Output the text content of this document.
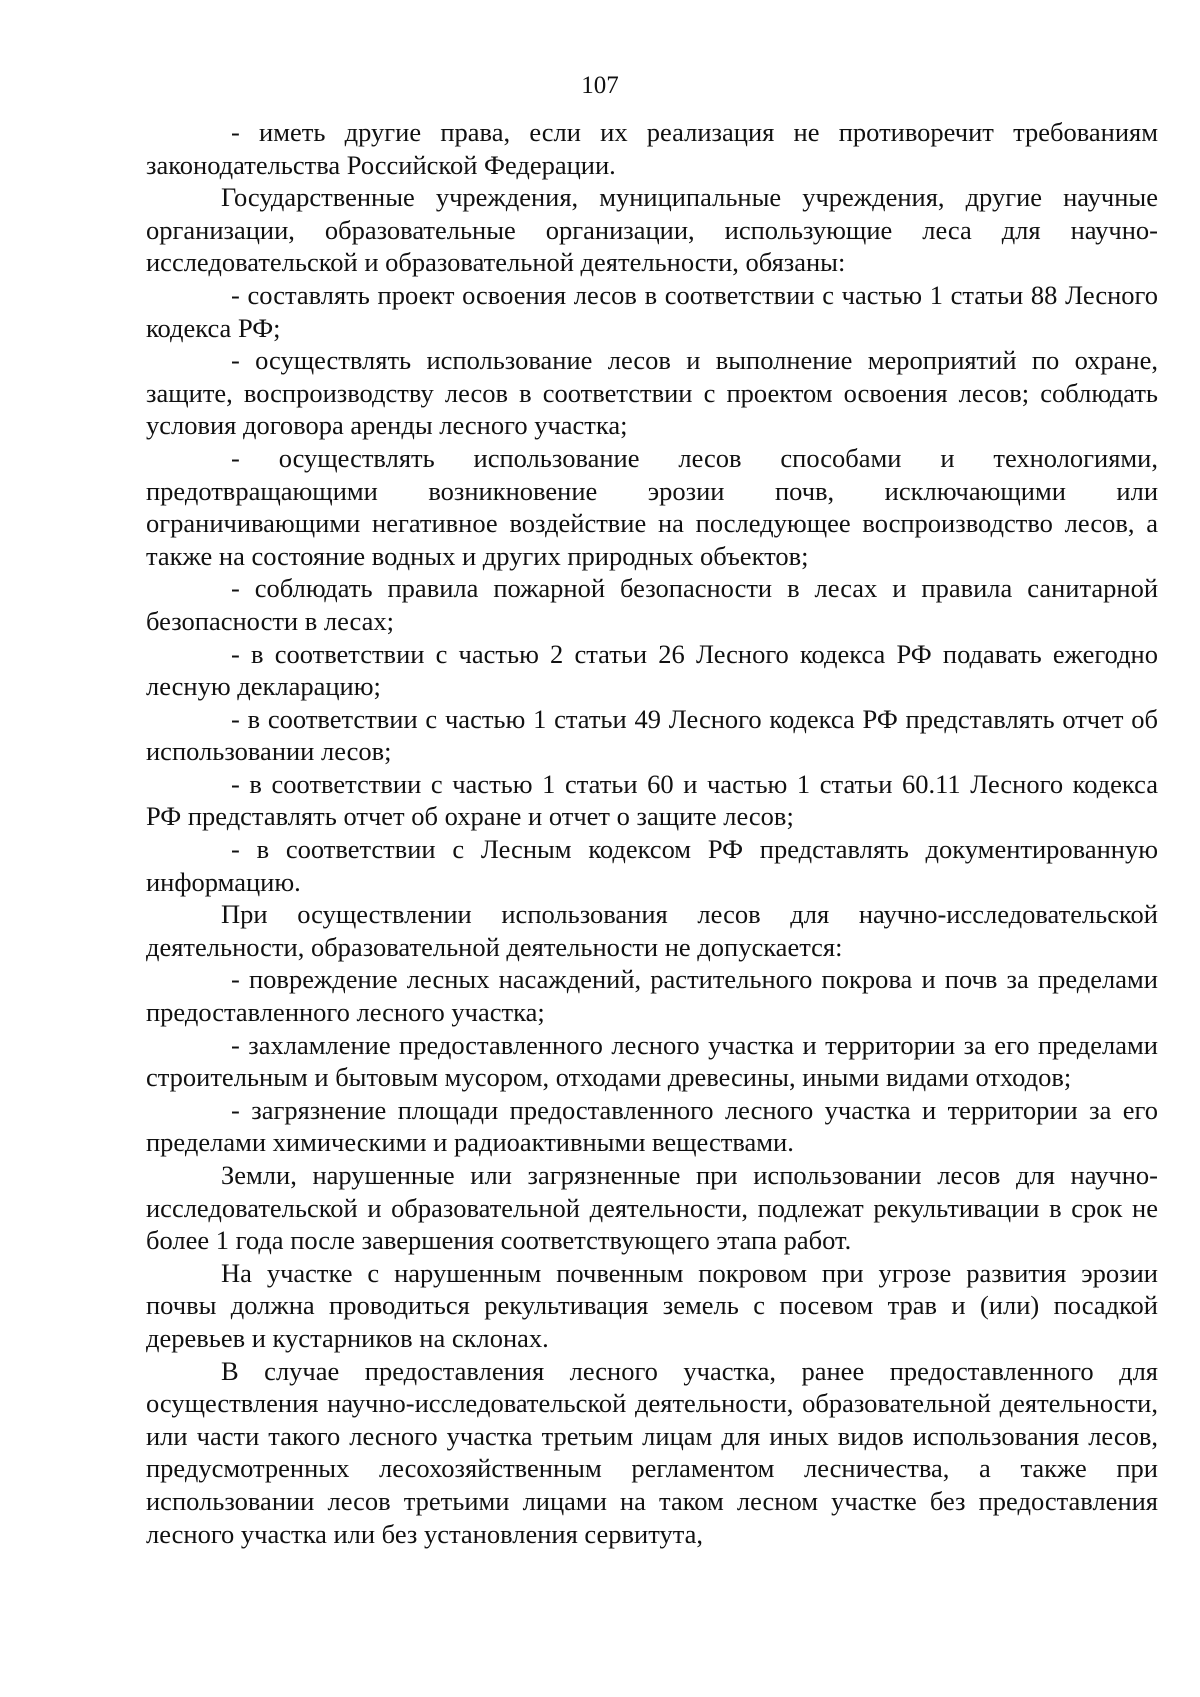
107

- иметь другие права, если их реализация не противоречит требованиям законодательства Российской Федерации.

Государственные учреждения, муниципальные учреждения, другие научные организации, образовательные организации, использующие леса для научно-исследовательской и образовательной деятельности, обязаны:

- составлять проект освоения лесов в соответствии с частью 1 статьи 88 Лесного кодекса РФ;

- осуществлять использование лесов и выполнение мероприятий по охране, защите, воспроизводству лесов в соответствии с проектом освоения лесов; соблюдать условия договора аренды лесного участка;

- осуществлять использование лесов способами и технологиями, предотвращающими возникновение эрозии почв, исключающими или ограничивающими негативное воздействие на последующее воспроизводство лесов, а также на состояние водных и других природных объектов;

- соблюдать правила пожарной безопасности в лесах и правила санитарной безопасности в лесах;

- в соответствии с частью 2 статьи 26 Лесного кодекса РФ подавать ежегодно лесную декларацию;

- в соответствии с частью 1 статьи 49 Лесного кодекса РФ представлять отчет об использовании лесов;

- в соответствии с частью 1 статьи 60 и частью 1 статьи 60.11 Лесного кодекса РФ представлять отчет об охране и отчет о защите лесов;

- в соответствии с Лесным кодексом РФ представлять документированную информацию.

При осуществлении использования лесов для научно-исследовательской деятельности, образовательной деятельности не допускается:

- повреждение лесных насаждений, растительного покрова и почв за пределами предоставленного лесного участка;

- захламление предоставленного лесного участка и территории за его пределами строительным и бытовым мусором, отходами древесины, иными видами отходов;

- загрязнение площади предоставленного лесного участка и территории за его пределами химическими и радиоактивными веществами.

Земли, нарушенные или загрязненные при использовании лесов для научно-исследовательской и образовательной деятельности, подлежат рекультивации в срок не более 1 года после завершения соответствующего этапа работ.

На участке с нарушенным почвенным покровом при угрозе развития эрозии почвы должна проводиться рекультивация земель с посевом трав и (или) посадкой деревьев и кустарников на склонах.

В случае предоставления лесного участка, ранее предоставленного для осуществления научно-исследовательской деятельности, образовательной деятельности, или части такого лесного участка третьим лицам для иных видов использования лесов, предусмотренных лесохозяйственным регламентом лесничества, а также при использовании лесов третьими лицами на таком лесном участке без предоставления лесного участка или без установления сервитута,
